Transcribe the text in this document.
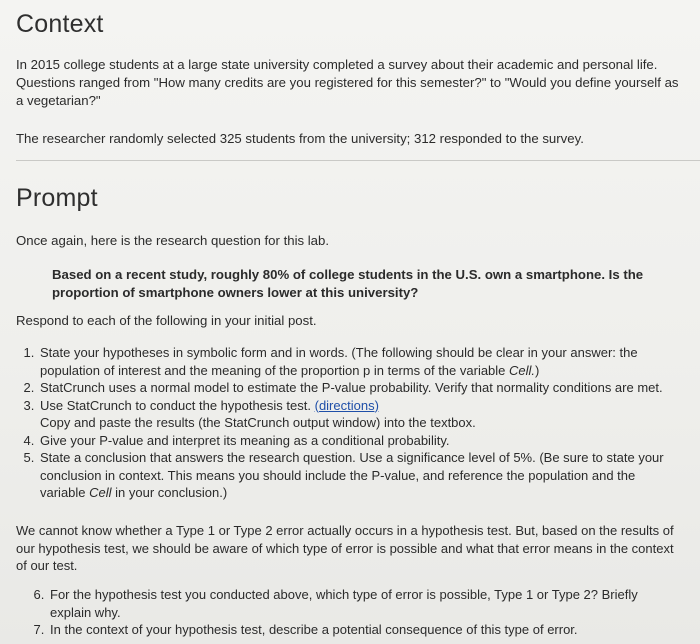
Context

In 2015 college students at a large state university completed a survey about their academic and personal life. Questions ranged from "How many credits are you registered for this semester?" to "Would you define yourself as a vegetarian?"

The researcher randomly selected 325 students from the university; 312 responded to the survey.

Prompt

Once again, here is the research question for this lab.

Based on a recent study, roughly 80% of college students in the U.S. own a smartphone. Is the proportion of smartphone owners lower at this university?

Respond to each of the following in your initial post.

1. State your hypotheses in symbolic form and in words. (The following should be clear in your answer: the population of interest and the meaning of the proportion p in terms of the variable Cell.)
2. StatCrunch uses a normal model to estimate the P-value probability. Verify that normality conditions are met.
3. Use StatCrunch to conduct the hypothesis test. (directions)
Copy and paste the results (the StatCrunch output window) into the textbox.
4. Give your P-value and interpret its meaning as a conditional probability.
5. State a conclusion that answers the research question. Use a significance level of 5%. (Be sure to state your conclusion in context. This means you should include the P-value, and reference the population and the variable Cell in your conclusion.)

We cannot know whether a Type 1 or Type 2 error actually occurs in a hypothesis test. But, based on the results of our hypothesis test, we should be aware of which type of error is possible and what that error means in the context of our test.

6. For the hypothesis test you conducted above, which type of error is possible, Type 1 or Type 2? Briefly explain why.
7. In the context of your hypothesis test, describe a potential consequence of this type of error.
